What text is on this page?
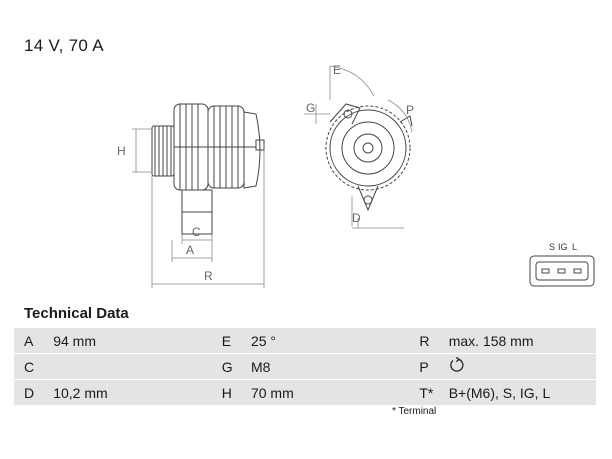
14 V, 70 A
H
C
A
R
E
G	P
D
S IG L
Technical Data
A	94 mm		E	25 °		R	max. 158 mm

C			G	M8		P	

D	10,2 mm		H	70 mm		T*	B+(M6), S, IG, L
* Terminal
